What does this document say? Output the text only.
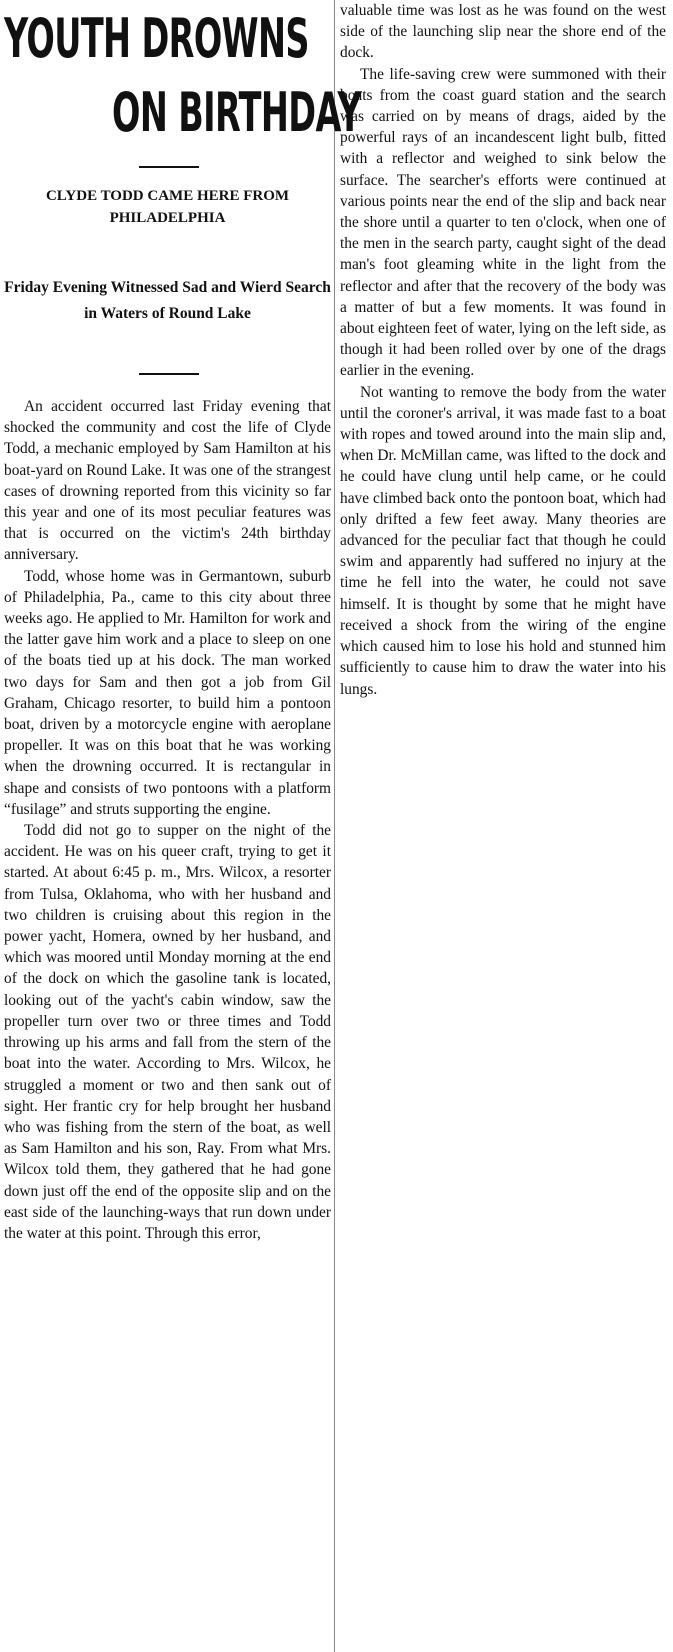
YOUTH DROWNS
ON BIRTHDAY

CLYDE TODD CAME HERE FROM PHILADELPHIA

Friday Evening Witnessed Sad and Wierd Search in Waters of Round Lake

An accident occurred last Friday evening that shocked the community and cost the life of Clyde Todd, a mechanic employed by Sam Hamilton at his boat-yard on Round Lake. It was one of the strangest cases of drowning reported from this vicinity so far this year and one of its most peculiar features was that is occurred on the victim's 24th birthday anniversary.

Todd, whose home was in Germantown, suburb of Philadelphia, Pa., came to this city about three weeks ago. He applied to Mr. Hamilton for work and the latter gave him work and a place to sleep on one of the boats tied up at his dock. The man worked two days for Sam and then got a job from Gil Graham, Chicago resorter, to build him a pontoon boat, driven by a motorcycle engine with aeroplane propeller. It was on this boat that he was working when the drowning occurred. It is rectangular in shape and consists of two pontoons with a platform “fusilage” and struts supporting the engine.

Todd did not go to supper on the night of the accident. He was on his queer craft, trying to get it started. At about 6:45 p. m., Mrs. Wilcox, a resorter from Tulsa, Oklahoma, who with her husband and two children is cruising about this region in the power yacht, Homera, owned by her husband, and which was moored until Monday morning at the end of the dock on which the gasoline tank is located, looking out of the yacht's cabin window, saw the propeller turn over two or three times and Todd throwing up his arms and fall from the stern of the boat into the water. According to Mrs. Wilcox, he struggled a moment or two and then sank out of sight. Her frantic cry for help brought her husband who was fishing from the stern of the boat, as well as Sam Hamilton and his son, Ray. From what Mrs. Wilcox told them, they gathered that he had gone down just off the end of the opposite slip and on the east side of the launching-ways that run down under the water at this point. Through this error,

valuable time was lost as he was found on the west side of the launching slip near the shore end of the dock.

The life-saving crew were summoned with their boats from the coast guard station and the search was carried on by means of drags, aided by the powerful rays of an incandescent light bulb, fitted with a reflector and weighed to sink below the surface. The searcher's efforts were continued at various points near the end of the slip and back near the shore until a quarter to ten o'clock, when one of the men in the search party, caught sight of the dead man's foot gleaming white in the light from the reflector and after that the recovery of the body was a matter of but a few moments. It was found in about eighteen feet of water, lying on the left side, as though it had been rolled over by one of the drags earlier in the evening.

Not wanting to remove the body from the water until the coroner's arrival, it was made fast to a boat with ropes and towed around into the main slip and, when Dr. McMillan came, was lifted to the dock and he could have clung until help came, or he could have climbed back onto the pontoon boat, which had only drifted a few feet away. Many theories are advanced for the peculiar fact that though he could swim and apparently had suffered no injury at the time he fell into the water, he could not save himself. It is thought by some that he might have received a shock from the wiring of the engine which caused him to lose his hold and stunned him sufficiently to cause him to draw the water into his lungs.
